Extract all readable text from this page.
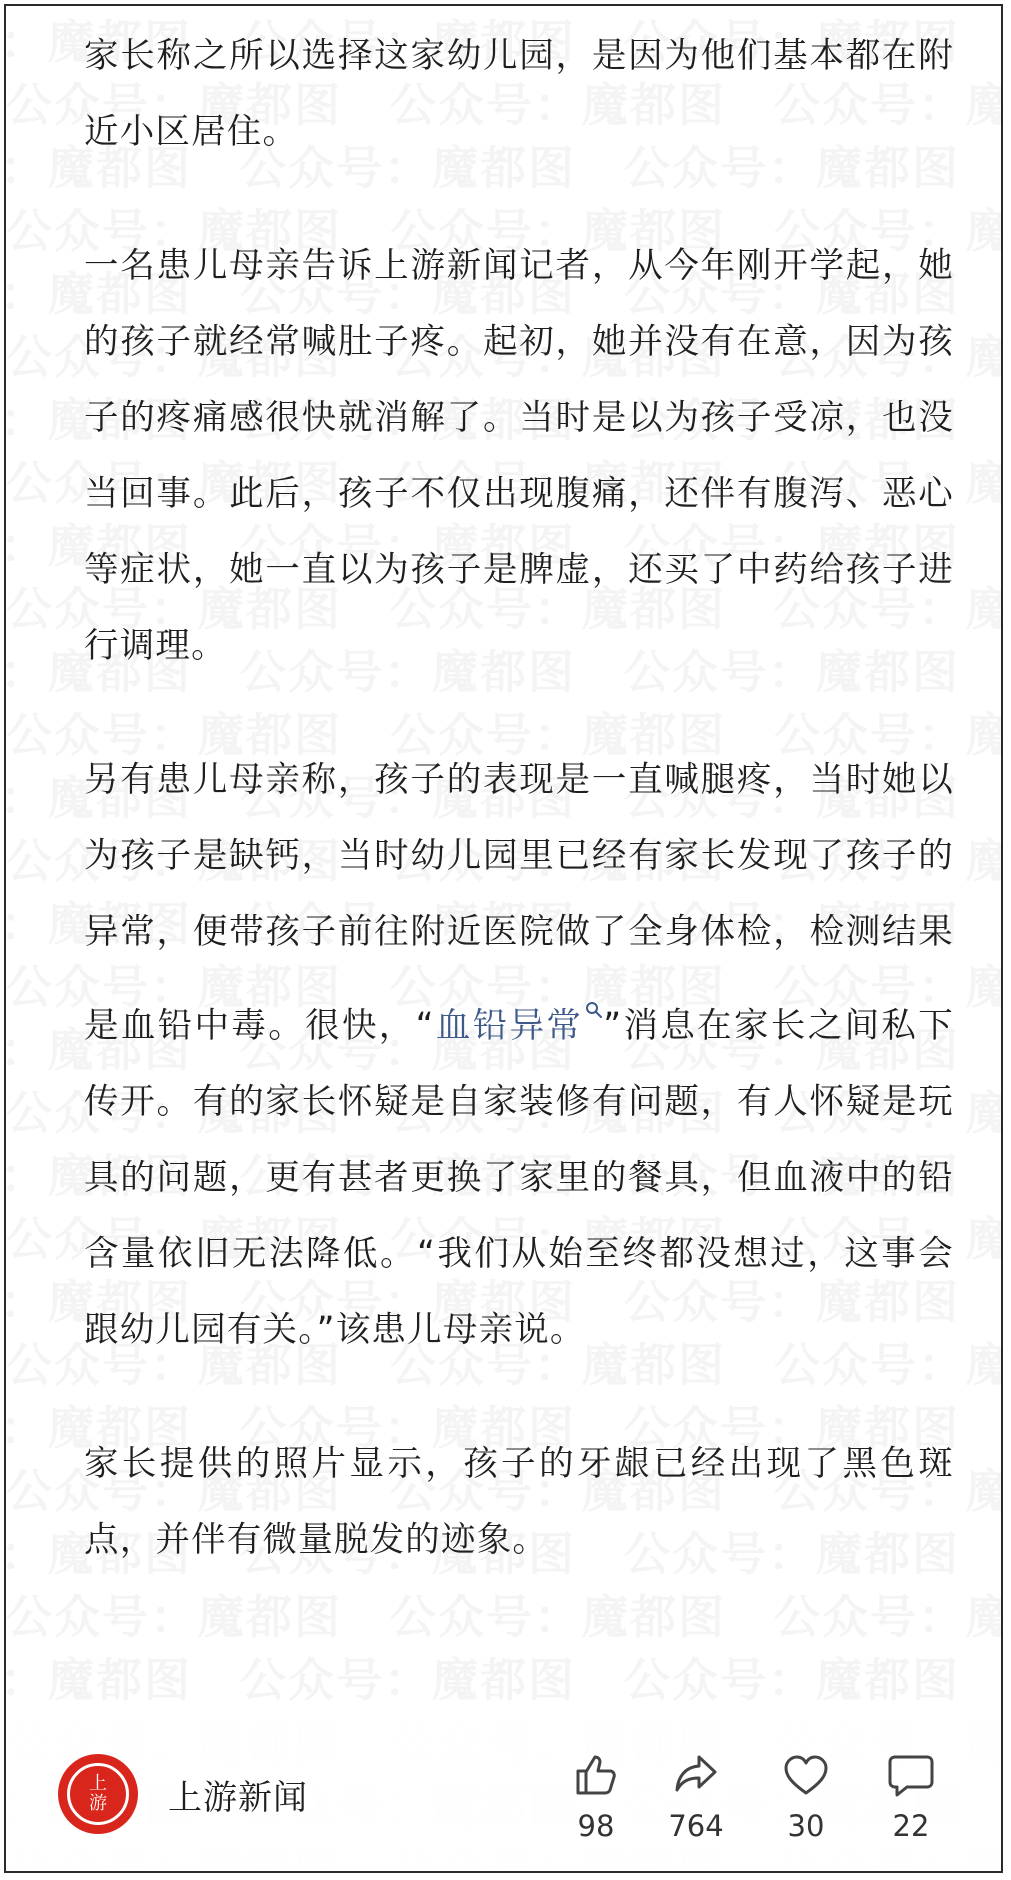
家长称之所以选择这家幼儿园，是因为他们基本都在附近小区居住。

一名患儿母亲告诉上游新闻记者，从今年刚开学起，她的孩子就经常喊肚子疼。起初，她并没有在意，因为孩子的疼痛感很快就消解了。当时是以为孩子受凉，也没当回事。此后，孩子不仅出现腹痛，还伴有腹泻、恶心等症状，她一直以为孩子是脾虚，还买了中药给孩子进行调理。

另有患儿母亲称，孩子的表现是一直喊腿疼，当时她以为孩子是缺钙，当时幼儿园里已经有家长发现了孩子的异常，便带孩子前往附近医院做了全身体检，检测结果是血铅中毒。很快，“血铅异常 ”消息在家长之间私下传开。有的家长怀疑是自家装修有问题，有人怀疑是玩具的问题，更有甚者更换了家里的餐具，但血液中的铅含量依旧无法降低。“我们从始至终都没想过，这事会跟幼儿园有关。”该患儿母亲说。

家长提供的照片显示，孩子的牙龈已经出现了黑色斑点，并伴有微量脱发的迹象。

上
游 上游新闻
98	764	30	22
